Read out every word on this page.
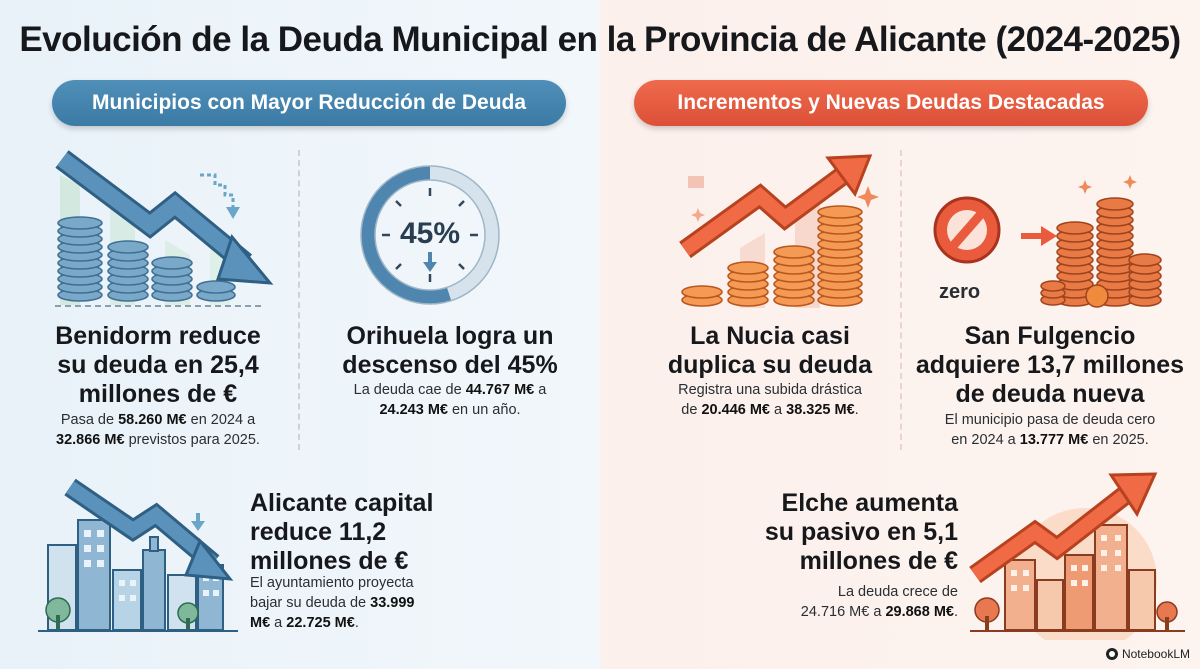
Evolución de la Deuda Municipal en la Provincia de Alicante (2024-2025)
Municipios con Mayor Reducción de Deuda	Incrementos y Nuevas Deudas Destacadas
45%
Benidorm reduce
su deuda en 25,4
millones de €
Pasa de 58.260 M€ en 2024 a
32.866 M€ previstos para 2025.
Orihuela logra un
descenso del 45%
La deuda cae de 44.767 M€ a
24.243 M€ en un año.
Alicante capital
reduce 11,2
millones de €
El ayuntamiento proyecta
bajar su deuda de 33.999
M€ a 22.725 M€.
zero
La Nucia casi
duplica su deuda
Registra una subida drástica
de 20.446 M€ a 38.325 M€.
San Fulgencio
adquiere 13,7 millones
de deuda nueva
El municipio pasa de deuda cero
en 2024 a 13.777 M€ en 2025.
Elche aumenta
su pasivo en 5,1
millones de €
La deuda crece de
24.716 M€ a 29.868 M€.
NotebookLM
